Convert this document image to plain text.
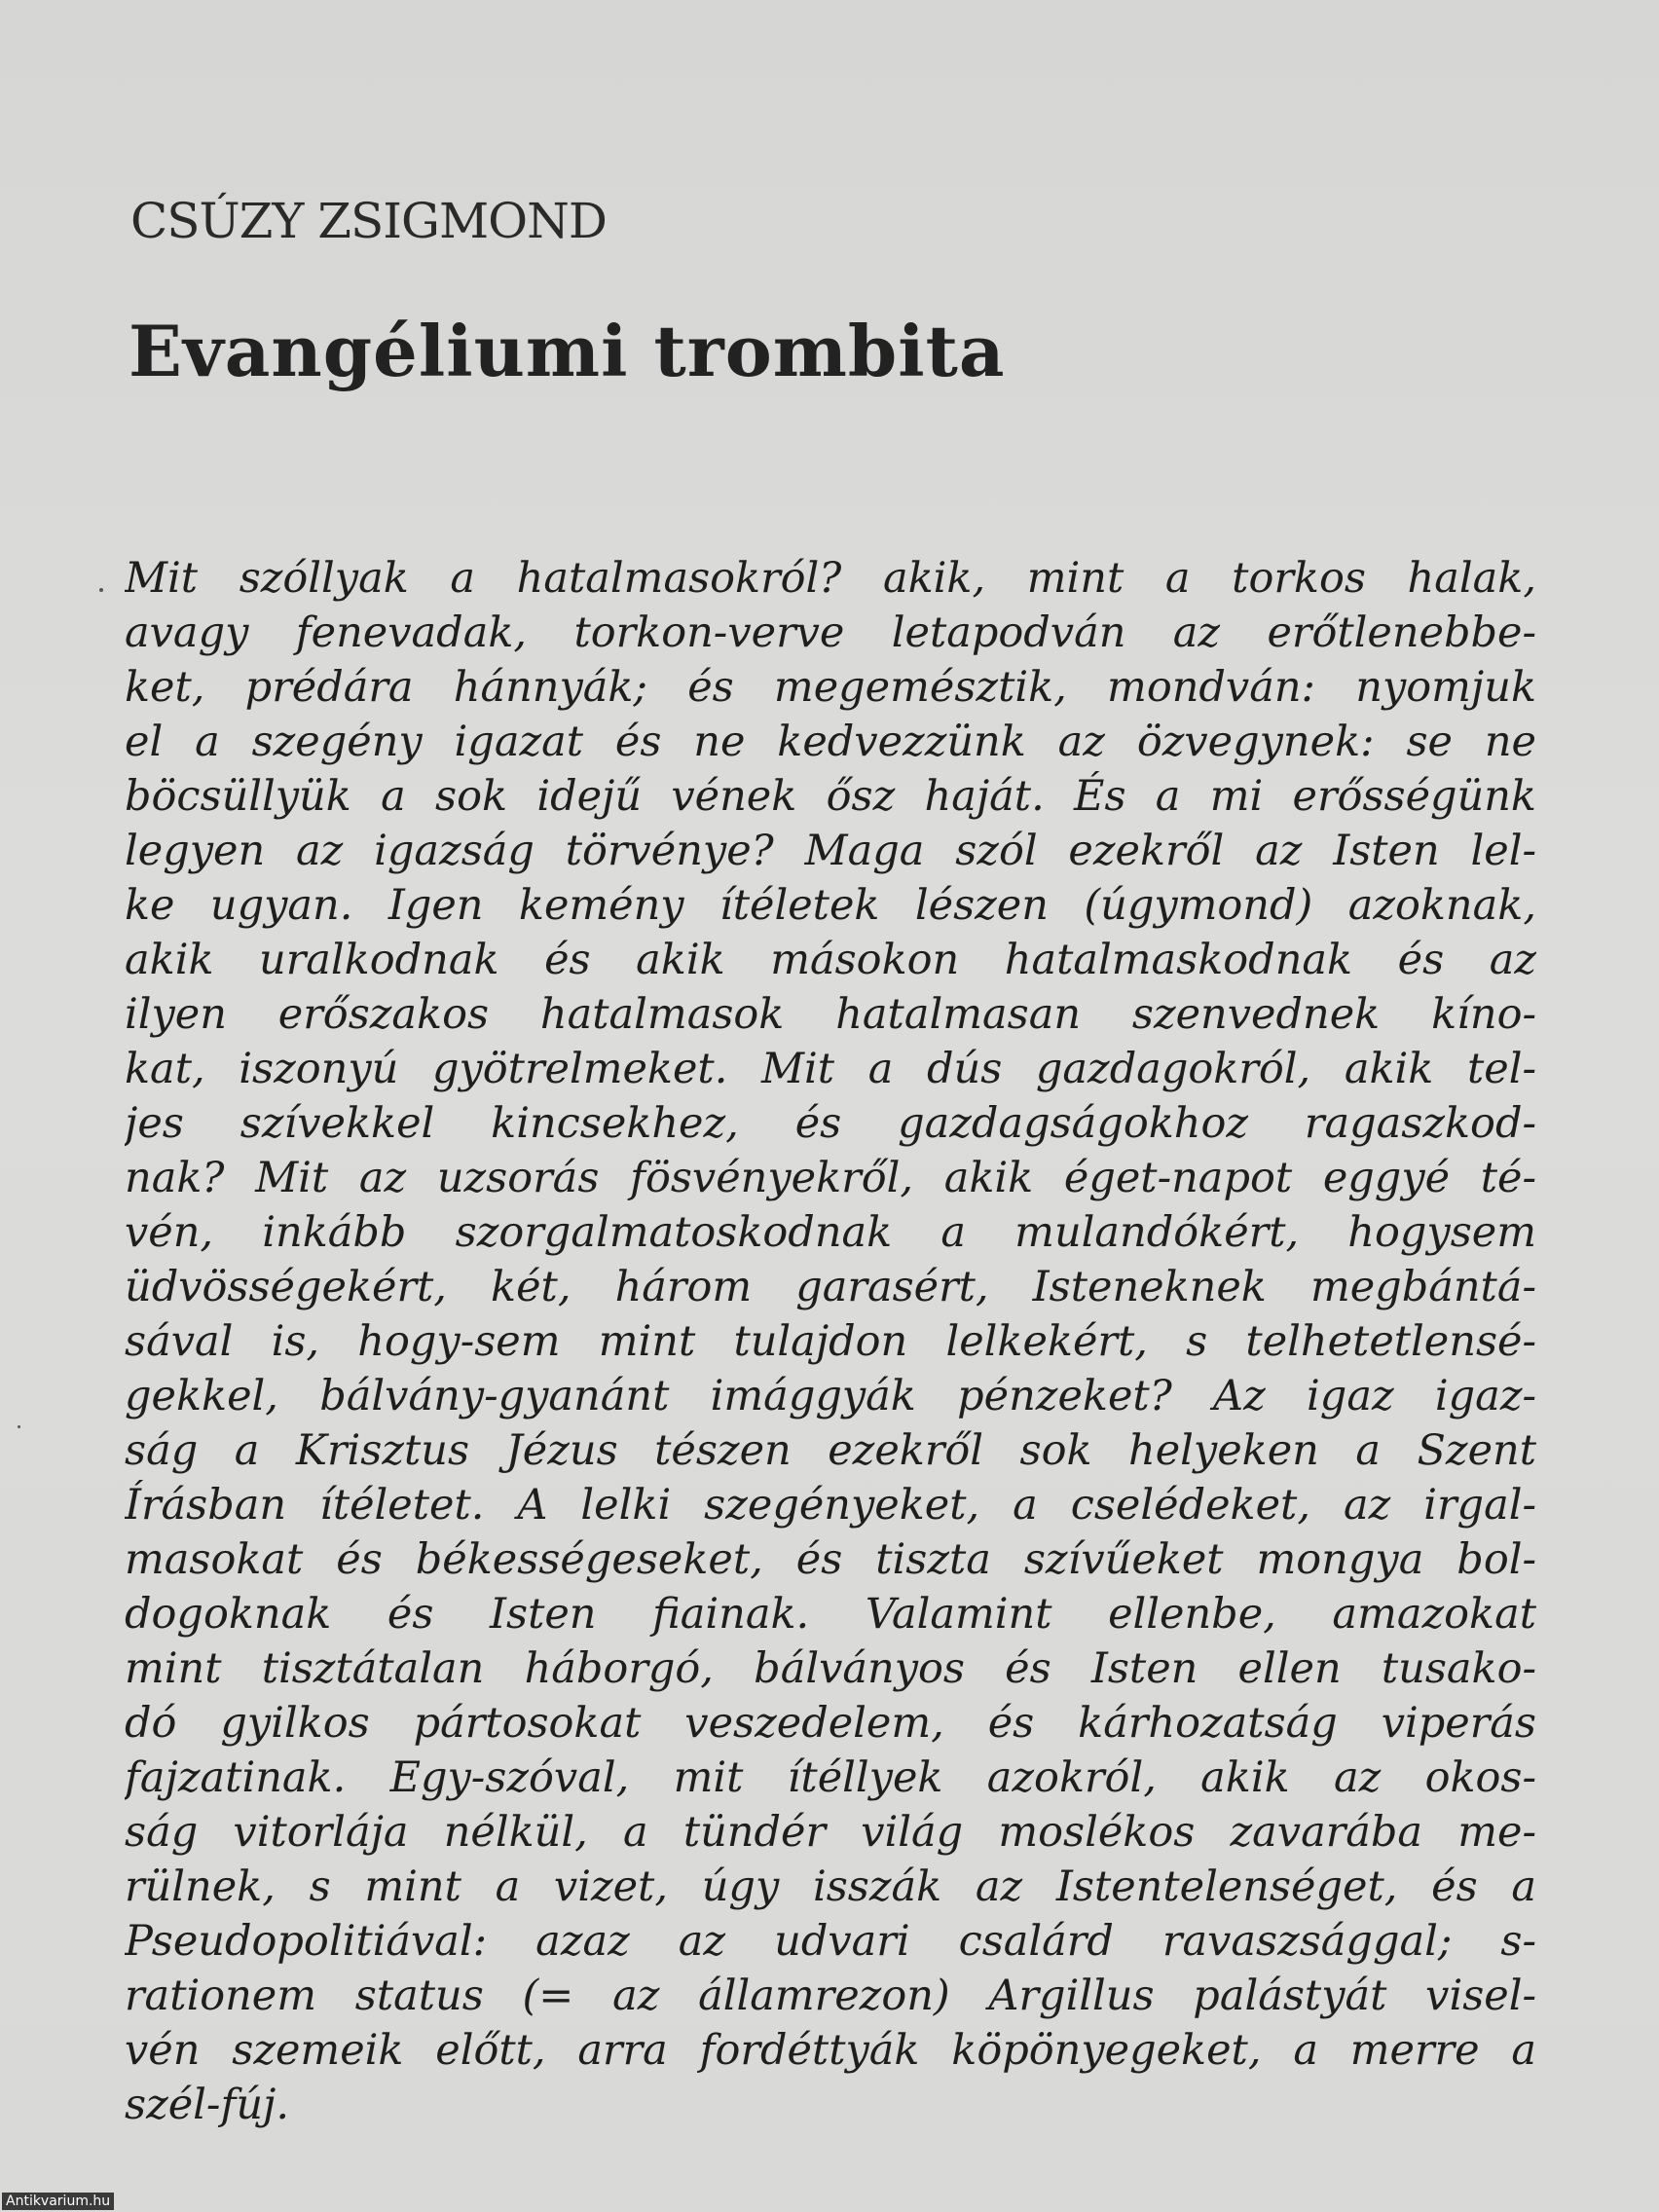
CSÚZY ZSIGMOND
Evangéliumi trombita
Mit szóllyak a hatalmasokról? akik, mint a torkos halak,
avagy fenevadak, torkon-verve letapodván az erőtlenebbe-
ket, prédára hánnyák; és megemésztik, mondván: nyomjuk
el a szegény igazat és ne kedvezzünk az özvegynek: se ne
böcsüllyük a sok idejű vének ősz haját. És a mi erősségünk
legyen az igazság törvénye? Maga szól ezekről az Isten lel-
ke ugyan. Igen kemény ítéletek lészen (úgymond) azoknak,
akik uralkodnak és akik másokon hatalmaskodnak és az
ilyen erőszakos hatalmasok hatalmasan szenvednek kíno-
kat, iszonyú gyötrelmeket. Mit a dús gazdagokról, akik tel-
jes szívekkel kincsekhez, és gazdagságokhoz ragaszkod-
nak? Mit az uzsorás fösvényekről, akik éget-napot eggyé té-
vén, inkább szorgalmatoskodnak a mulandókért, hogysem
üdvösségekért, két, három garasért, Isteneknek megbántá-
sával is, hogy-sem mint tulajdon lelkekért, s telhetetlensé-
gekkel, bálvány-gyanánt imággyák pénzeket? Az igaz igaz-
ság a Krisztus Jézus tészen ezekről sok helyeken a Szent
Írásban ítéletet. A lelki szegényeket, a cselédeket, az irgal-
masokat és békességeseket, és tiszta szívűeket mongya bol-
dogoknak és Isten fiainak. Valamint ellenbe, amazokat
mint tisztátalan háborgó, bálványos és Isten ellen tusako-
dó gyilkos pártosokat veszedelem, és kárhozatság viperás
fajzatinak. Egy-szóval, mit ítéllyek azokról, akik az okos-
ság vitorlája nélkül, a tündér világ moslékos zavarába me-
rülnek, s mint a vizet, úgy isszák az Istentelenséget, és a
Pseudopolitiával: azaz az udvari csalárd ravaszsággal; s-
rationem status (= az államrezon) Argillus palástyát visel-
vén szemeik előtt, arra fordéttyák köpönyegeket, a merre a
szél-fúj.
Antikvarium.hu
